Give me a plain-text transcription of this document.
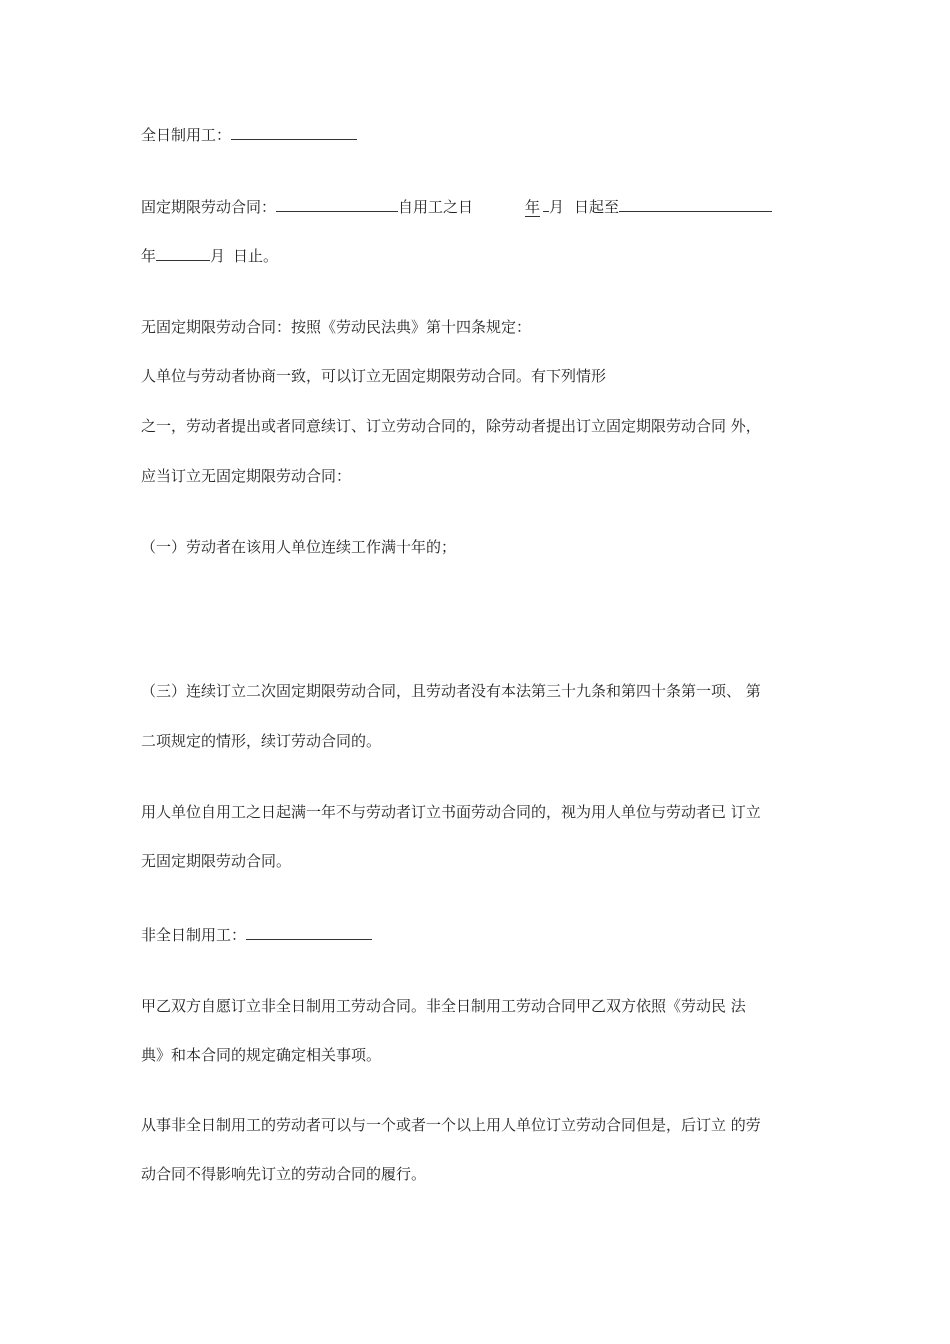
全日制用工：
固定期限劳动合同：	自用工之日	年 月 日起至
年	月 日止。
无固定期限劳动合同：按照《劳动民法典》第十四条规定：
人单位与劳动者协商一致，可以订立无固定期限劳动合同。有下列情形
之一，劳动者提出或者同意续订、订立劳动合同的，除劳动者提出订立固定期限劳动合同 外，
应当订立无固定期限劳动合同：
（一）劳动者在该用人单位连续工作满十年的；
（三）连续订立二次固定期限劳动合同，且劳动者没有本法第三十九条和第四十条第一项、 第
二项规定的情形，续订劳动合同的。
用人单位自用工之日起满一年不与劳动者订立书面劳动合同的，视为用人单位与劳动者已 订立
无固定期限劳动合同。
非全日制用工：
甲乙双方自愿订立非全日制用工劳动合同。非全日制用工劳动合同甲乙双方依照《劳动民 法
典》和本合同的规定确定相关事项。
从事非全日制用工的劳动者可以与一个或者一个以上用人单位订立劳动合同但是，后订立 的劳
动合同不得影响先订立的劳动合同的履行。
